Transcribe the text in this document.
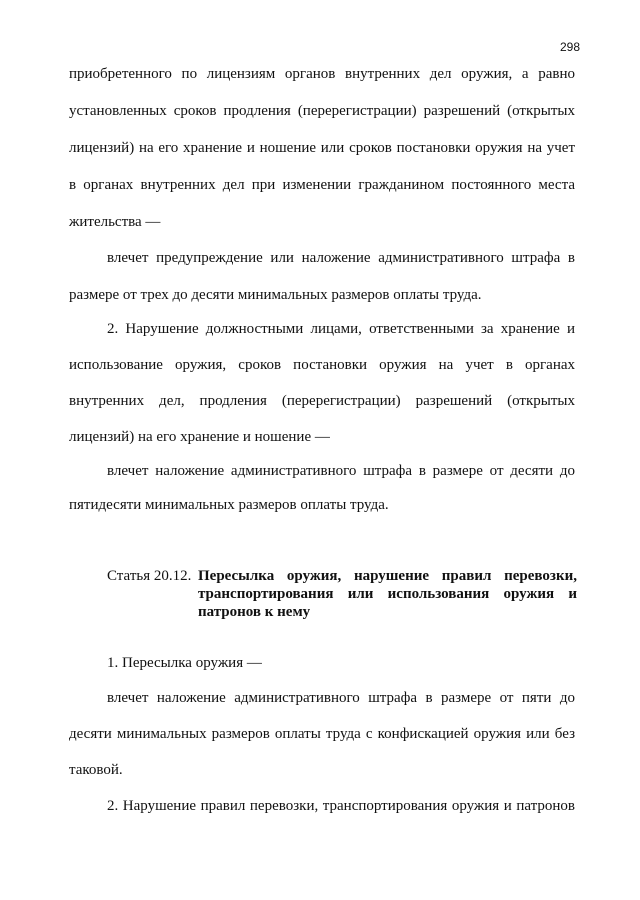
298
приобретенного по лицензиям органов внутренних дел оружия, а равно
установленных сроков продления (перерегистрации) разрешений (открытых
лицензий) на его хранение и ношение или сроков постановки оружия на учет
в органах внутренних дел при изменении гражданином постоянного места
жительства —
влечет предупреждение или наложение административного штрафа в
размере от трех до десяти минимальных размеров оплаты труда.
2. Нарушение должностными лицами, ответственными за хранение и
использование оружия, сроков постановки оружия на учет в органах
внутренних дел, продления (перерегистрации) разрешений (открытых
лицензий) на его хранение и ношение —
влечет наложение административного штрафа в размере от десяти до
пятидесяти минимальных размеров оплаты труда.
Статья 20.12. Пересылка оружия, нарушение правил перевозки,
транспортирования или использования оружия и
патронов к нему
1. Пересылка оружия —
влечет наложение административного штрафа в размере от пяти до
десяти минимальных размеров оплаты труда с конфискацией оружия или без
таковой.
2. Нарушение правил перевозки, транспортирования оружия и патронов
